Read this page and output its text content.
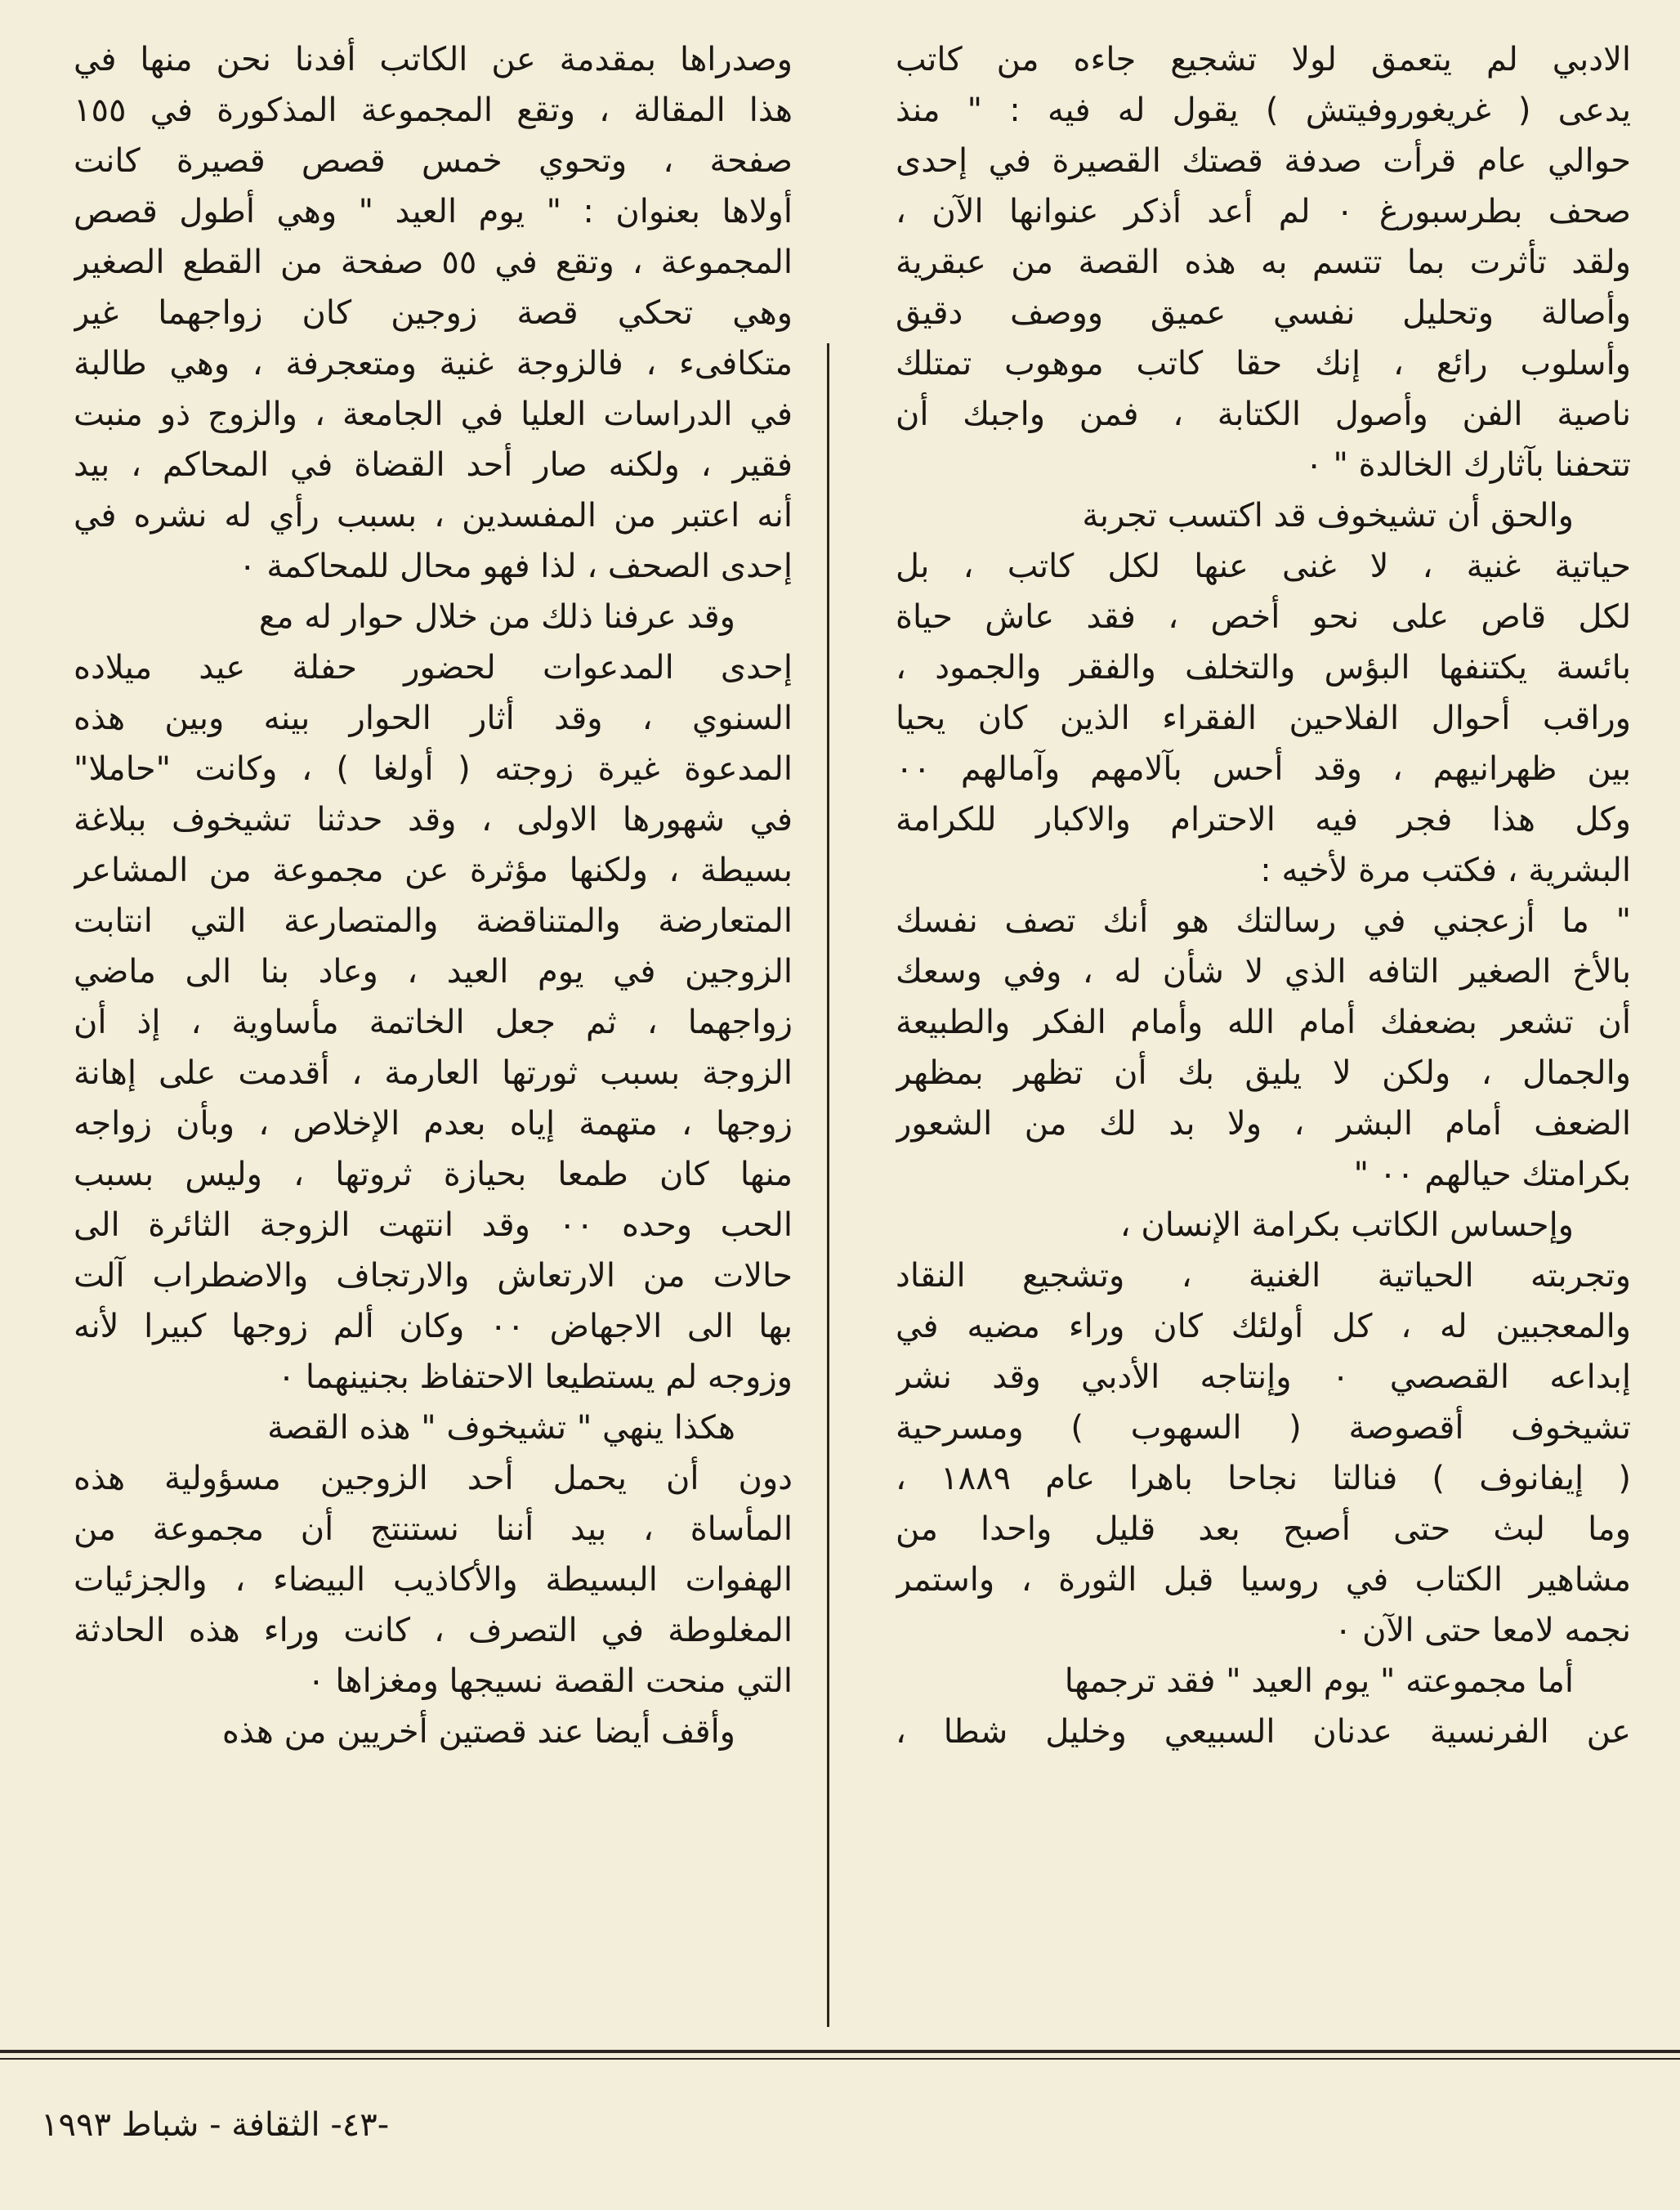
الادبي لم يتعمق لولا تشجيع جاءه من كاتب
يدعى ( غريغوروفيتش ) يقول له فيه : " منذ
حوالي عام قرأت صدفة قصتك القصيرة في إحدى
صحف بطرسبورغ ٠ لم أعد أذكر عنوانها الآن ،
ولقد تأثرت بما تتسم به هذه القصة من عبقرية
وأصالة وتحليل نفسي عميق ووصف دقيق
وأسلوب رائع ، إنك حقا كاتب موهوب تمتلك
ناصية الفن وأصول الكتابة ، فمن واجبك أن
تتحفنا بآثارك الخالدة " ٠
والحق أن تشيخوف قد اكتسب تجربة
حياتية غنية ، لا غنى عنها لكل كاتب ، بل
لكل قاص على نحو أخص ، فقد عاش حياة
بائسة يكتنفها البؤس والتخلف والفقر والجمود ،
وراقب أحوال الفلاحين الفقراء الذين كان يحيا
بين ظهرانيهم ، وقد أحس بآلامهم وآمالهم ٠٠
وكل هذا فجر فيه الاحترام والاكبار للكرامة
البشرية ، فكتب مرة لأخيه :
" ما أزعجني في رسالتك هو أنك تصف نفسك
بالأخ الصغير التافه الذي لا شأن له ، وفي وسعك
أن تشعر بضعفك أمام الله وأمام الفكر والطبيعة
والجمال ، ولكن لا يليق بك أن تظهر بمظهر
الضعف أمام البشر ، ولا بد لك من الشعور
بكرامتك حيالهم ٠٠ "
وإحساس الكاتب بكرامة الإنسان ،
وتجربته الحياتية الغنية ، وتشجيع النقاد
والمعجبين له ، كل أولئك كان وراء مضيه في
إبداعه القصصي ٠ وإنتاجه الأدبي وقد نشر
تشيخوف أقصوصة ( السهوب ) ومسرحية
( إيفانوف ) فنالتا نجاحا باهرا عام ١٨٨٩ ،
وما لبث حتى أصبح بعد قليل واحدا من
مشاهير الكتاب في روسيا قبل الثورة ، واستمر
نجمه لامعا حتى الآن ٠
أما مجموعته " يوم العيد " فقد ترجمها
عن الفرنسية عدنان السبيعي وخليل شطا ،
وصدراها بمقدمة عن الكاتب أفدنا نحن منها في
هذا المقالة ، وتقع المجموعة المذكورة في ١٥٥
صفحة ، وتحوي خمس قصص قصيرة كانت
أولاها بعنوان : " يوم العيد " وهي أطول قصص
المجموعة ، وتقع في ٥٥ صفحة من القطع الصغير
وهي تحكي قصة زوجين كان زواجهما غير
متكافىء ، فالزوجة غنية ومتعجرفة ، وهي طالبة
في الدراسات العليا في الجامعة ، والزوج ذو منبت
فقير ، ولكنه صار أحد القضاة في المحاكم ، بيد
أنه اعتبر من المفسدين ، بسبب رأي له نشره في
إحدى الصحف ، لذا فهو محال للمحاكمة ٠
وقد عرفنا ذلك من خلال حوار له مع
إحدى المدعوات لحضور حفلة عيد ميلاده
السنوي ، وقد أثار الحوار بينه وبين هذه
المدعوة غيرة زوجته ( أولغا ) ، وكانت "حاملا"
في شهورها الاولى ، وقد حدثنا تشيخوف ببلاغة
بسيطة ، ولكنها مؤثرة عن مجموعة من المشاعر
المتعارضة والمتناقضة والمتصارعة التي انتابت
الزوجين في يوم العيد ، وعاد بنا الى ماضي
زواجهما ، ثم جعل الخاتمة مأساوية ، إذ أن
الزوجة بسبب ثورتها العارمة ، أقدمت على إهانة
زوجها ، متهمة إياه بعدم الإخلاص ، وبأن زواجه
منها كان طمعا بحيازة ثروتها ، وليس بسبب
الحب وحده ٠٠ وقد انتهت الزوجة الثائرة الى
حالات من الارتعاش والارتجاف والاضطراب آلت
بها الى الاجهاض ٠٠ وكان ألم زوجها كبيرا لأنه
وزوجه لم يستطيعا الاحتفاظ بجنينهما ٠
هكذا ينهي " تشيخوف " هذه القصة
دون أن يحمل أحد الزوجين مسؤولية هذه
المأساة ، بيد أننا نستنتج أن مجموعة من
الهفوات البسيطة والأكاذيب البيضاء ، والجزئيات
المغلوطة في التصرف ، كانت وراء هذه الحادثة
التي منحت القصة نسيجها ومغزاها ٠
وأقف أيضا عند قصتين أخريين من هذه
-٤٣- الثقافة - شباط ١٩٩٣
